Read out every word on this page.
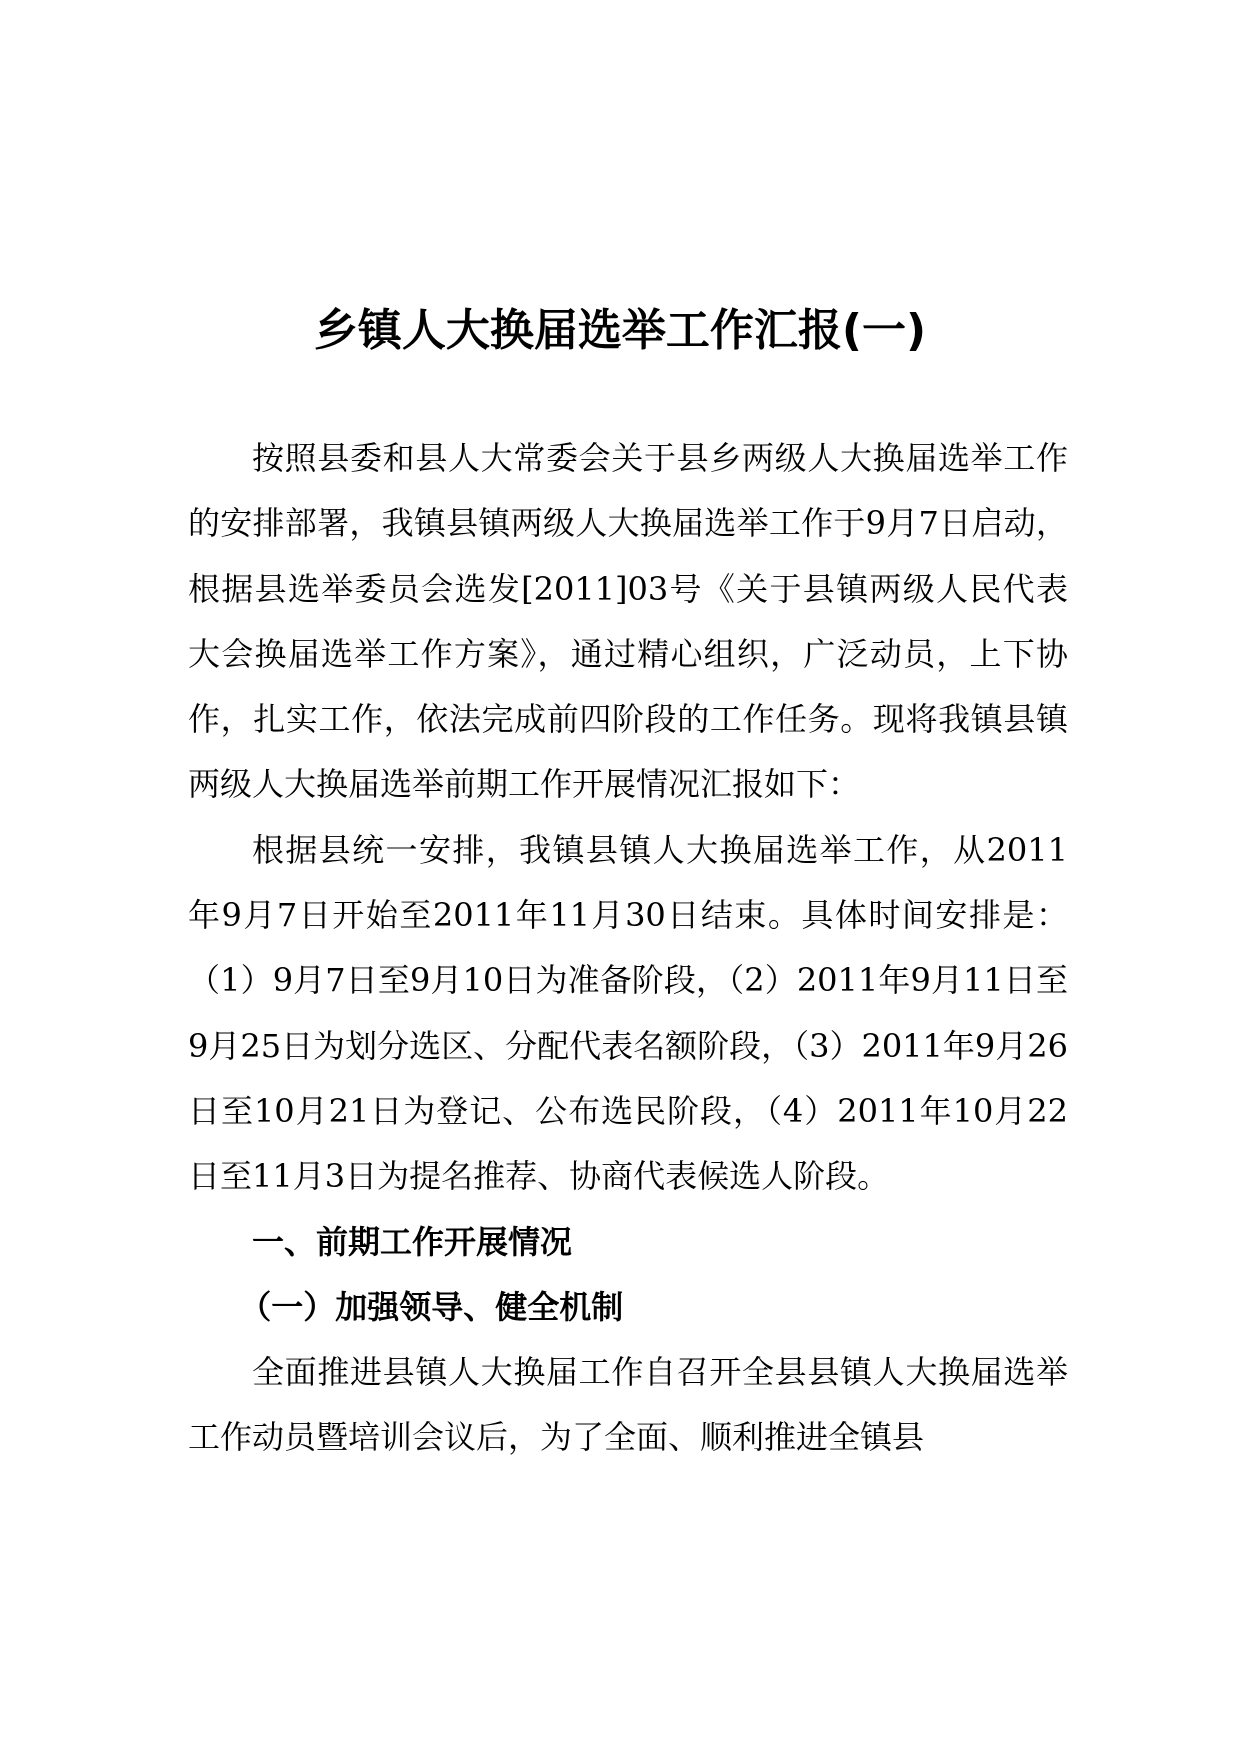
乡镇人大换届选举工作汇报(一)

按照县委和县人大常委会关于县乡两级人大换届选举工作的安排部署，我镇县镇两级人大换届选举工作于9月7日启动，根据县选举委员会选发[2011]03号《关于县镇两级人民代表大会换届选举工作方案》，通过精心组织，广泛动员，上下协作，扎实工作，依法完成前四阶段的工作任务。现将我镇县镇两级人大换届选举前期工作开展情况汇报如下：

根据县统一安排，我镇县镇人大换届选举工作，从2011年9月7日开始至2011年11月30日结束。具体时间安排是：（1）9月7日至9月10日为准备阶段，（2）2011年9月11日至9月25日为划分选区、分配代表名额阶段，（3）2011年9月26日至10月21日为登记、公布选民阶段，（4）2011年10月22日至11月3日为提名推荐、协商代表候选人阶段。

一、前期工作开展情况
（一）加强领导、健全机制

全面推进县镇人大换届工作自召开全县县镇人大换届选举工作动员暨培训会议后，为了全面、顺利推进全镇县
